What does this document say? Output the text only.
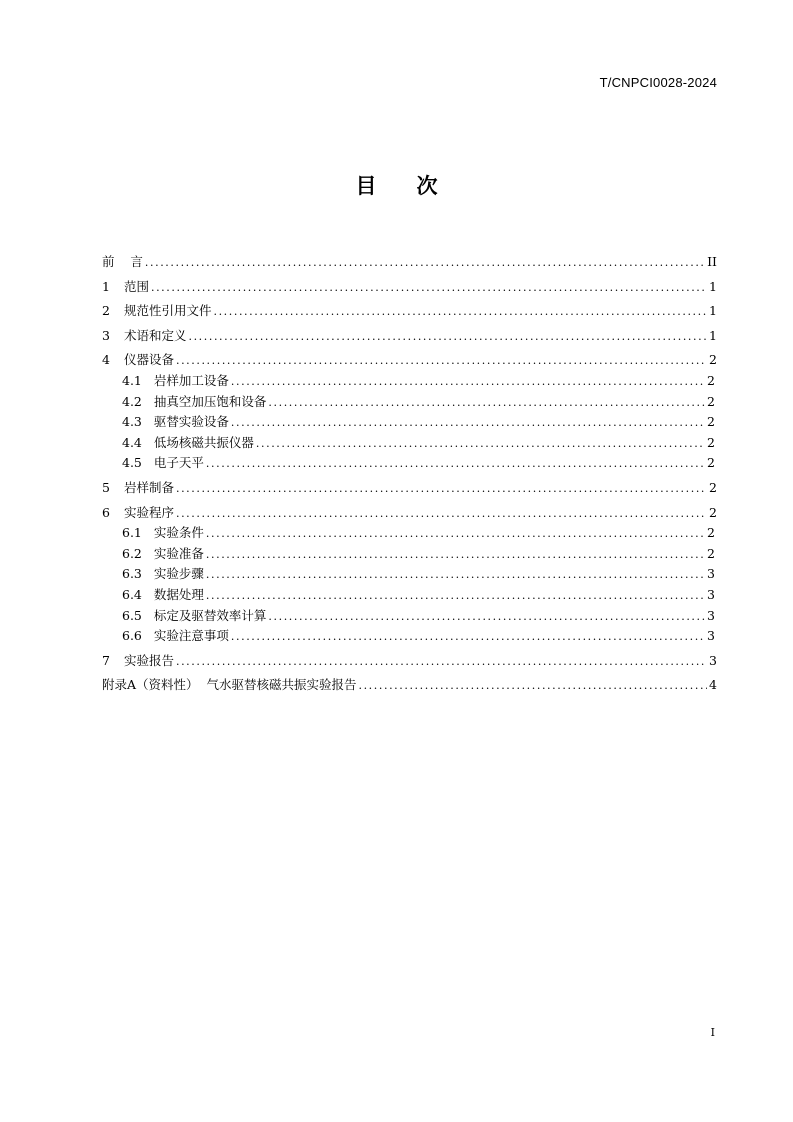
T/CNPCI0028-2024
目 次
前    言 .....	II
1 范围 .....	1
2 规范性引用文件 .....	1
3 术语和定义 .....	1
4 仪器设备 .....	2
4.1 岩样加工设备 .....	2
4.2 抽真空加压饱和设备 .....	2
4.3 驱替实验设备 .....	2
4.4 低场核磁共振仪器 .....	2
4.5 电子天平 .....	2
5 岩样制备 .....	2
6 实验程序 .....	2
6.1 实验条件 .....	2
6.2 实验准备 .....	2
6.3 实验步骤 .....	3
6.4 数据处理 .....	3
6.5 标定及驱替效率计算 .....	3
6.6 实验注意事项 .....	3
7 实验报告 .....	3
附录A （资料性）  气水驱替核磁共振实验报告 .....	4
I
